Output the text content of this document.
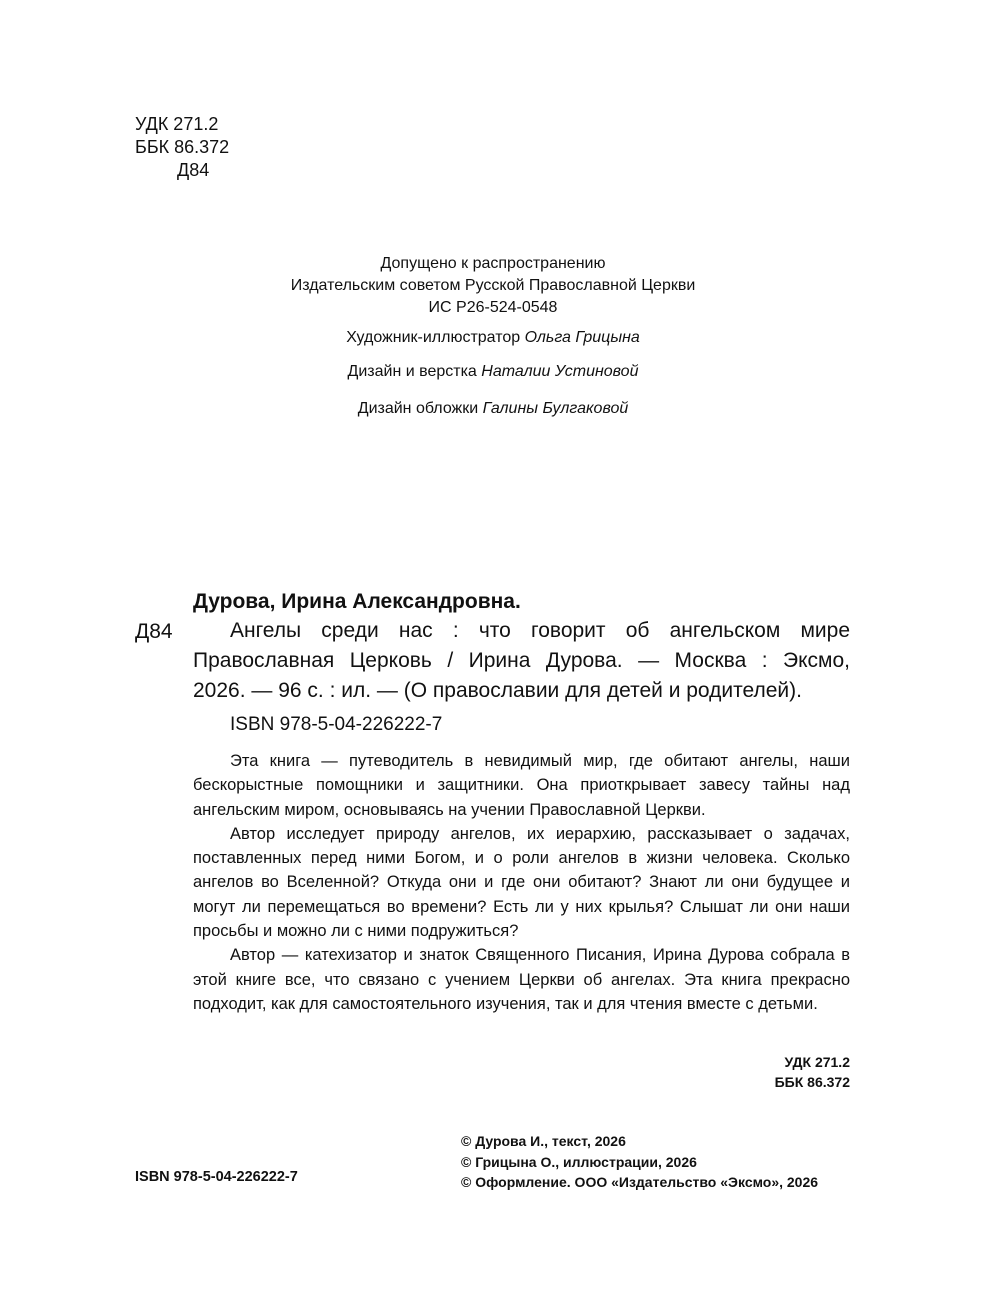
УДК 271.2
ББК 86.372
Д84
Допущено к распространению
Издательским советом Русской Православной Церкви
ИС Р26-524-0548
Художник-иллюстратор Ольга Грицына
Дизайн и верстка Наталии Устиновой
Дизайн обложки Галины Булгаковой
Дурова, Ирина Александровна.
Д84	Ангелы среди нас : что говорит об ангельском мире
Православная Церковь / Ирина Дурова. — Москва : Эксмо,
2026. — 96 с. : ил. — (О православии для детей и родителей).
ISBN 978-5-04-226222-7

Эта книга — путеводитель в невидимый мир, где обитают ангелы, наши бескорыстные помощники и защитники. Она приоткрывает завесу тайны над ангельским миром, основываясь на учении Православной Церкви.

Автор исследует природу ангелов, их иерархию, рассказывает о задачах, поставленных перед ними Богом, и о роли ангелов в жизни человека. Сколько ангелов во Вселенной? Откуда они и где они обитают? Знают ли они будущее и могут ли перемещаться во времени? Есть ли у них крылья? Слышат ли они наши просьбы и можно ли с ними подружиться?

Автор — катехизатор и знаток Священного Писания, Ирина Дурова собрала в этой книге все, что связано с учением Церкви об ангелах. Эта книга прекрасно подходит, как для самостоятельного изучения, так и для чтения вместе с детьми.

УДК 271.2
ББК 86.372
ISBN 978-5-04-226222-7
© Дурова И., текст, 2026
© Грицына О., иллюстрации, 2026
© Оформление. ООО «Издательство «Эксмо», 2026
